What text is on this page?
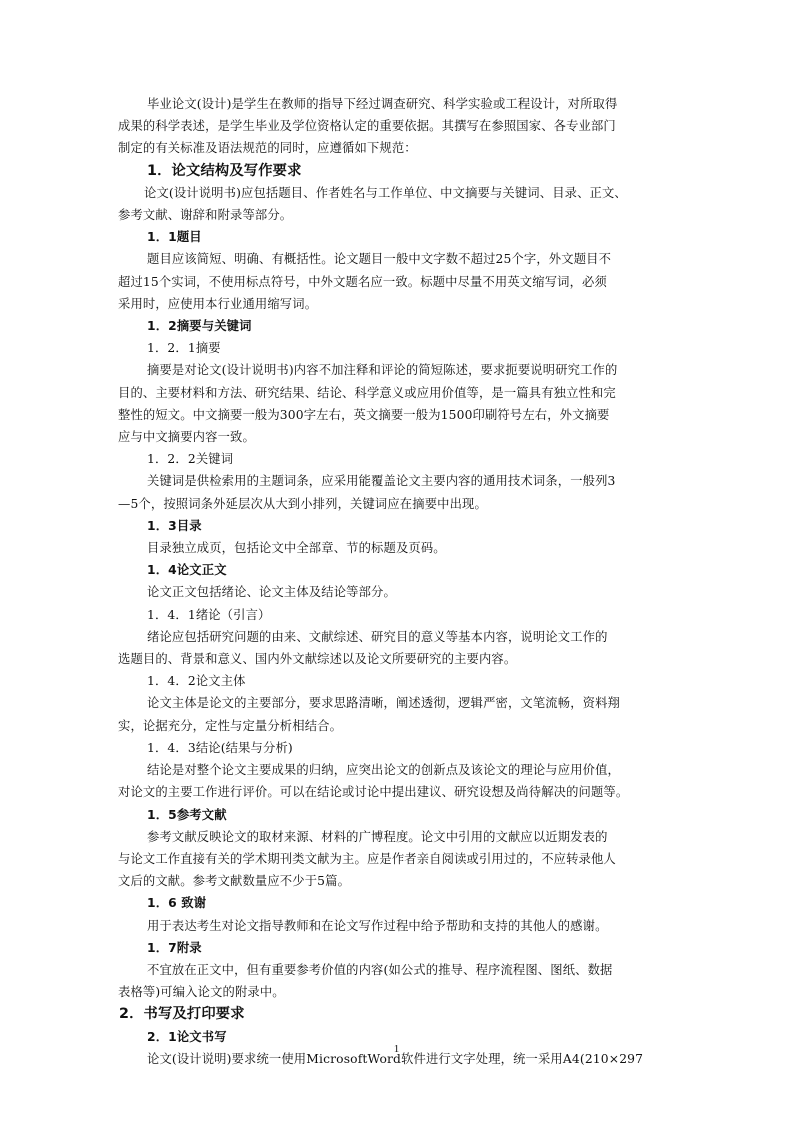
毕业论文(设计)是学生在教师的指导下经过调查研究、科学实验或工程设计，对所取得
成果的科学表述，是学生毕业及学位资格认定的重要依据。其撰写在参照国家、各专业部门
制定的有关标准及语法规范的同时，应遵循如下规范：
1．论文结构及写作要求
论文(设计说明书)应包括题目、作者姓名与工作单位、中文摘要与关键词、目录、正文、
参考文献、谢辞和附录等部分。
1．1题目
题目应该简短、明确、有概括性。论文题目一般中文字数不超过25个字，外文题目不
超过15个实词，不使用标点符号，中外文题名应一致。标题中尽量不用英文缩写词，必须
采用时，应使用本行业通用缩写词。
1．2摘要与关键词
1．2．1摘要
摘要是对论文(设计说明书)内容不加注释和评论的简短陈述，要求扼要说明研究工作的
目的、主要材料和方法、研究结果、结论、科学意义或应用价值等，是一篇具有独立性和完
整性的短文。中文摘要一般为300字左右，英文摘要一般为1500印刷符号左右，外文摘要
应与中文摘要内容一致。
1．2．2关键词
关键词是供检索用的主题词条，应采用能覆盖论文主要内容的通用技术词条，一般列3
—5个，按照词条外延层次从大到小排列，关键词应在摘要中出现。
1．3目录
目录独立成页，包括论文中全部章、节的标题及页码。
1．4论文正文
论文正文包括绪论、论文主体及结论等部分。
1．4．1绪论（引言）
绪论应包括研究问题的由来、文献综述、研究目的意义等基本内容，说明论文工作的
选题目的、背景和意义、国内外文献综述以及论文所要研究的主要内容。
1．4．2论文主体
论文主体是论文的主要部分，要求思路清晰，阐述透彻，逻辑严密，文笔流畅，资料翔
实，论据充分，定性与定量分析相结合。
1．4．3结论(结果与分析)
结论是对整个论文主要成果的归纳，应突出论文的创新点及该论文的理论与应用价值，
对论文的主要工作进行评价。可以在结论或讨论中提出建议、研究设想及尚待解决的问题等。
1．5参考文献
参考文献反映论文的取材来源、材料的广博程度。论文中引用的文献应以近期发表的
与论文工作直接有关的学术期刊类文献为主。应是作者亲自阅读或引用过的，不应转录他人
文后的文献。参考文献数量应不少于5篇。
1．6 致谢
用于表达考生对论文指导教师和在论文写作过程中给予帮助和支持的其他人的感谢。
1．7附录
不宜放在正文中，但有重要参考价值的内容(如公式的推导、程序流程图、图纸、数据
表格等)可编入论文的附录中。
2．书写及打印要求
2．1论文书写
论文(设计说明)要求统一使用MicrosoftWord软件进行文字处理，统一采用A4(210×297
1
